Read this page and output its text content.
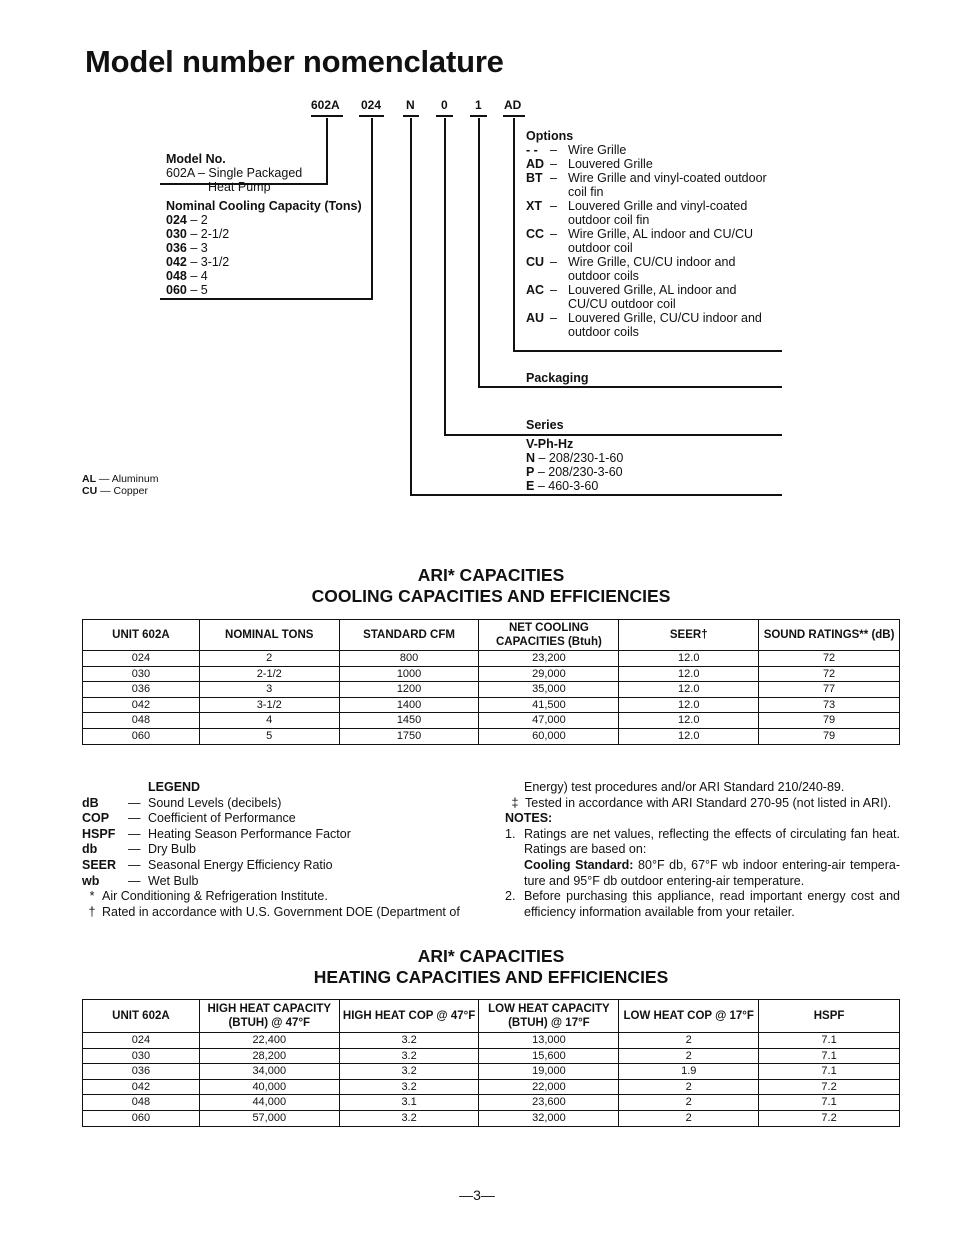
Model number nomenclature
602A 024 N 0 1 AD
Model No.
602A – Single Packaged
Heat Pump
Nominal Cooling Capacity (Tons)
024 – 2
030 – 2-1/2
036 – 3
042 – 3-1/2
048 – 4
060 – 5
Options
- - – Wire Grille
AD – Louvered Grille
BT – Wire Grille and vinyl-coated outdoor coil fin
XT – Louvered Grille and vinyl-coated outdoor coil fin
CC – Wire Grille, AL indoor and CU/CU outdoor coil
CU – Wire Grille, CU/CU indoor and outdoor coils
AC – Louvered Grille, AL indoor and CU/CU outdoor coil
AU – Louvered Grille, CU/CU indoor and outdoor coils
Packaging
Series
V-Ph-Hz
N – 208/230-1-60
P – 208/230-3-60
E – 460-3-60
AL — Aluminum
CU — Copper
ARI* CAPACITIES
COOLING CAPACITIES AND EFFICIENCIES
UNIT 602A	NOMINAL TONS	STANDARD CFM	NET COOLING CAPACITIES (Btuh)	SEER†	SOUND RATINGS** (dB)
024	2	800	23,200	12.0	72
030	2-1/2	1000	29,000	12.0	72
036	3	1200	35,000	12.0	77
042	3-1/2	1400	41,500	12.0	73
048	4	1450	47,000	12.0	79
060	5	1750	60,000	12.0	79
LEGEND
dB	— Sound Levels (decibels)
COP	— Coefficient of Performance
HSPF	— Heating Season Performance Factor
db	— Dry Bulb
SEER — Seasonal Energy Efficiency Ratio
wb	— Wet Bulb
* Air Conditioning & Refrigeration Institute.
† Rated in accordance with U.S. Government DOE (Department of
Energy) test procedures and/or ARI Standard 210/240-89.
‡ Tested in accordance with ARI Standard 270-95 (not listed in ARI).
NOTES:
1. Ratings are net values, reflecting the effects of circulating fan heat. Ratings are based on:
Cooling Standard: 80°F db, 67°F wb indoor entering-air tempera- ture and 95°F db outdoor entering-air temperature.
2. Before purchasing this appliance, read important energy cost and efficiency information available from your retailer.
ARI* CAPACITIES
HEATING CAPACITIES AND EFFICIENCIES
UNIT 602A	HIGH HEAT CAPACITY (BTUH) @ 47°F	HIGH HEAT COP @ 47°F	LOW HEAT CAPACITY (BTUH) @ 17°F	LOW HEAT COP @ 17°F	HSPF
024	22,400	3.2	13,000	2	7.1
030	28,200	3.2	15,600	2	7.1
036	34,000	3.2	19,000	1.9	7.1
042	40,000	3.2	22,000	2	7.2
048	44,000	3.1	23,600	2	7.1
060	57,000	3.2	32,000	2	7.2
—3—
